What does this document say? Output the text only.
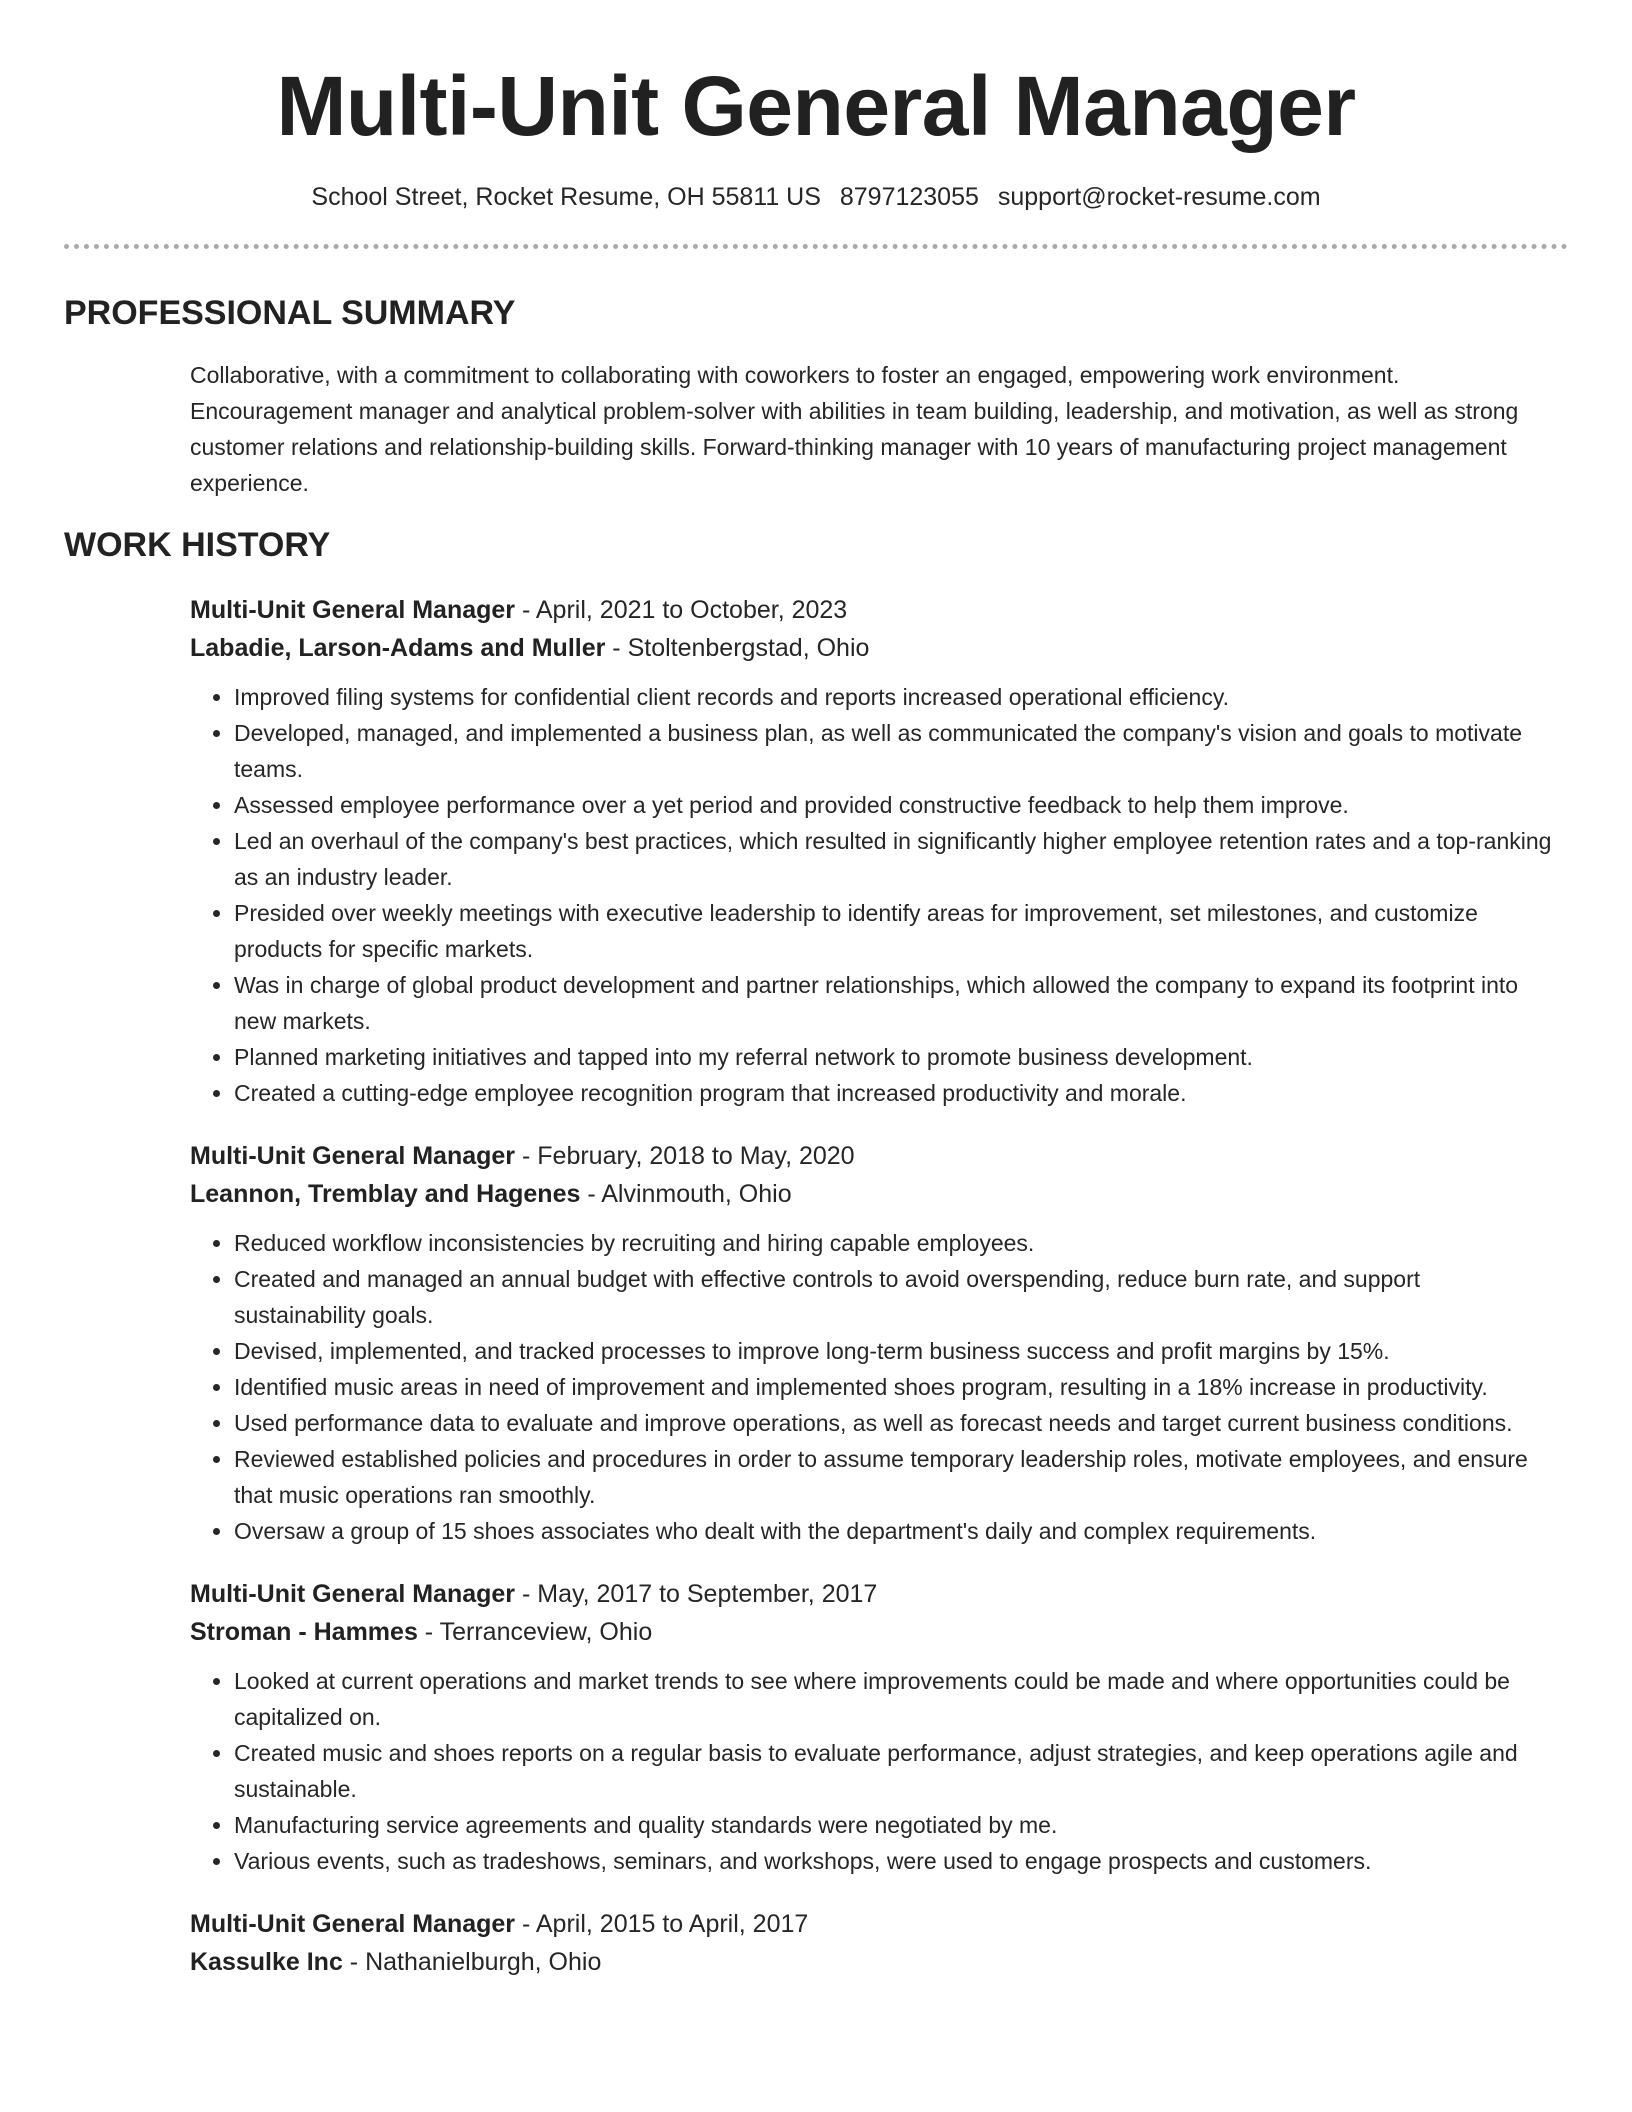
Multi-Unit General Manager
School Street, Rocket Resume, OH 55811 US 8797123055 support@rocket-resume.com
PROFESSIONAL SUMMARY

Collaborative, with a commitment to collaborating with coworkers to foster an engaged, empowering work environment. Encouragement manager and analytical problem-solver with abilities in team building, leadership, and motivation, as well as strong customer relations and relationship-building skills. Forward-thinking manager with 10 years of manufacturing project management experience.

WORK HISTORY
Multi-Unit General Manager - April, 2021 to October, 2023
Labadie, Larson-Adams and Muller - Stoltenbergstad, Ohio
• Improved filing systems for confidential client records and reports increased operational efficiency.
• Developed, managed, and implemented a business plan, as well as communicated the company's vision and goals to motivate teams.
• Assessed employee performance over a yet period and provided constructive feedback to help them improve.
• Led an overhaul of the company's best practices, which resulted in significantly higher employee retention rates and a top-ranking as an industry leader.
• Presided over weekly meetings with executive leadership to identify areas for improvement, set milestones, and customize products for specific markets.
• Was in charge of global product development and partner relationships, which allowed the company to expand its footprint into new markets.
• Planned marketing initiatives and tapped into my referral network to promote business development.
• Created a cutting-edge employee recognition program that increased productivity and morale.
Multi-Unit General Manager - February, 2018 to May, 2020
Leannon, Tremblay and Hagenes - Alvinmouth, Ohio
• Reduced workflow inconsistencies by recruiting and hiring capable employees.
• Created and managed an annual budget with effective controls to avoid overspending, reduce burn rate, and support sustainability goals.
• Devised, implemented, and tracked processes to improve long-term business success and profit margins by 15%.
• Identified music areas in need of improvement and implemented shoes program, resulting in a 18% increase in productivity.
• Used performance data to evaluate and improve operations, as well as forecast needs and target current business conditions.
• Reviewed established policies and procedures in order to assume temporary leadership roles, motivate employees, and ensure that music operations ran smoothly.
• Oversaw a group of 15 shoes associates who dealt with the department's daily and complex requirements.
Multi-Unit General Manager - May, 2017 to September, 2017
Stroman - Hammes - Terranceview, Ohio
• Looked at current operations and market trends to see where improvements could be made and where opportunities could be capitalized on.
• Created music and shoes reports on a regular basis to evaluate performance, adjust strategies, and keep operations agile and sustainable.
• Manufacturing service agreements and quality standards were negotiated by me.
• Various events, such as tradeshows, seminars, and workshops, were used to engage prospects and customers.
Multi-Unit General Manager - April, 2015 to April, 2017
Kassulke Inc - Nathanielburgh, Ohio
